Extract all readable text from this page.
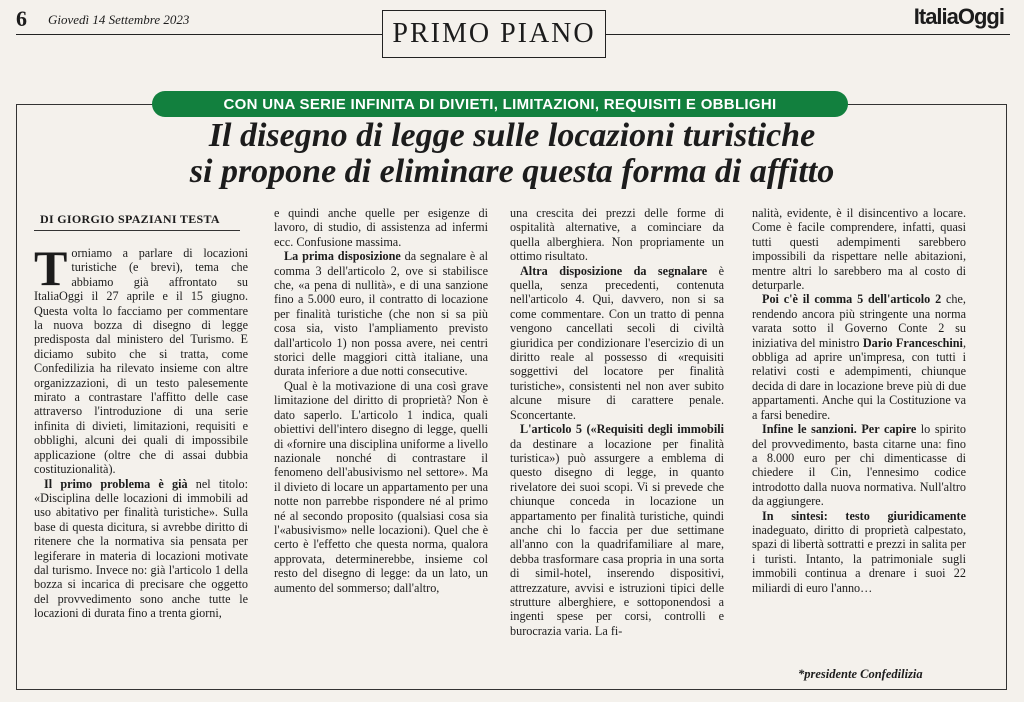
6 Giovedì 14 Settembre 2023	PRIMO PIANO
ItaliaOggi
CON UNA SERIE INFINITA DI DIVIETI, LIMITAZIONI, REQUISITI E OBBLIGHI
Il disegno di legge sulle locazioni turistiche
si propone di eliminare questa forma di affitto
DI GIORGIO SPAZIANI TESTA

Torniamo a parlare di locazioni turistiche (e brevi), tema che abbiamo già affrontato su ItaliaOggi il 27 aprile e il 15 giugno. Questa volta lo facciamo per commentare la nuova bozza di disegno di legge predisposta dal ministero del Turismo. E diciamo subito che si tratta, come Confedilizia ha rilevato insieme con altre organizzazioni, di un testo palesemente mirato a contrastare l'affitto delle case attraverso l'introduzione di una serie infinita di divieti, limitazioni, requisiti e obblighi, alcuni dei quali di impossibile applicazione (oltre che di assai dubbia costituzionalità).

Il primo problema è già nel titolo: «Disciplina delle locazioni di immobili ad uso abitativo per finalità turistiche». Sulla base di questa dicitura, si avrebbe diritto di ritenere che la normativa sia pensata per legiferare in materia di locazioni motivate dal turismo. Invece no: già l'articolo 1 della bozza si incarica di precisare che oggetto del provvedimento sono anche tutte le locazioni di durata fino a trenta giorni,

e quindi anche quelle per esigenze di lavoro, di studio, di assistenza ad infermi ecc. Confusione massima.

La prima disposizione da segnalare è al comma 3 dell'articolo 2, ove si stabilisce che, «a pena di nullità», e di una sanzione fino a 5.000 euro, il contratto di locazione per finalità turistiche (che non si sa più cosa sia, visto l'ampliamento previsto dall'articolo 1) non possa avere, nei centri storici delle maggiori città italiane, una durata inferiore a due notti consecutive.

Qual è la motivazione di una così grave limitazione del diritto di proprietà? Non è dato saperlo. L'articolo 1 indica, quali obiettivi dell'intero disegno di legge, quelli di «fornire una disciplina uniforme a livello nazionale nonché di contrastare il fenomeno dell'abusivismo nel settore». Ma il divieto di locare un appartamento per una notte non parrebbe rispondere né al primo né al secondo proposito (qualsiasi cosa sia l'«abusivismo» nelle locazioni). Quel che è certo è l'effetto che questa norma, qualora approvata, determinerebbe, insieme col resto del disegno di legge: da un lato, un aumento del sommerso; dall'altro,

una crescita dei prezzi delle forme di ospitalità alternative, a cominciare da quella alberghiera. Non propriamente un ottimo risultato.

Altra disposizione da segnalare è quella, senza precedenti, contenuta nell'articolo 4. Qui, davvero, non si sa come commentare. Con un tratto di penna vengono cancellati secoli di civiltà giuridica per condizionare l'esercizio di un diritto reale al possesso di «requisiti soggettivi del locatore per finalità turistiche», consistenti nel non aver subito alcune misure di carattere penale. Sconcertante.

L'articolo 5 («Requisiti degli immobili da destinare a locazione per finalità turistica») può assurgere a emblema di questo disegno di legge, in quanto rivelatore dei suoi scopi. Vi si prevede che chiunque conceda in locazione un appartamento per finalità turistiche, quindi anche chi lo faccia per due settimane all'anno con la quadrifamiliare al mare, debba trasformare casa propria in una sorta di simil-hotel, inserendo dispositivi, attrezzature, avvisi e istruzioni tipici delle strutture alberghiere, e sottoponendosi a ingenti spese per corsi, controlli e burocrazia varia. La fi-

nalità, evidente, è il disincentivo a locare. Come è facile comprendere, infatti, quasi tutti questi adempimenti sarebbero impossibili da rispettare nelle abitazioni, mentre altri lo sarebbero ma al costo di deturparle.

Poi c'è il comma 5 dell'articolo 2 che, rendendo ancora più stringente una norma varata sotto il Governo Conte 2 su iniziativa del ministro Dario Franceschini, obbliga ad aprire un'impresa, con tutti i relativi costi e adempimenti, chiunque decida di dare in locazione breve più di due appartamenti. Anche qui la Costituzione va a farsi benedire.

Infine le sanzioni. Per capire lo spirito del provvedimento, basta citarne una: fino a 8.000 euro per chi dimenticasse di chiedere il Cin, l'ennesimo codice introdotto dalla nuova normativa. Null'altro da aggiungere.

In sintesi: testo giuridicamente inadeguato, diritto di proprietà calpestato, spazi di libertà sottratti e prezzi in salita per i turisti. Intanto, la patrimoniale sugli immobili continua a drenare i suoi 22 miliardi di euro l'anno…

*presidente Confedilizia
